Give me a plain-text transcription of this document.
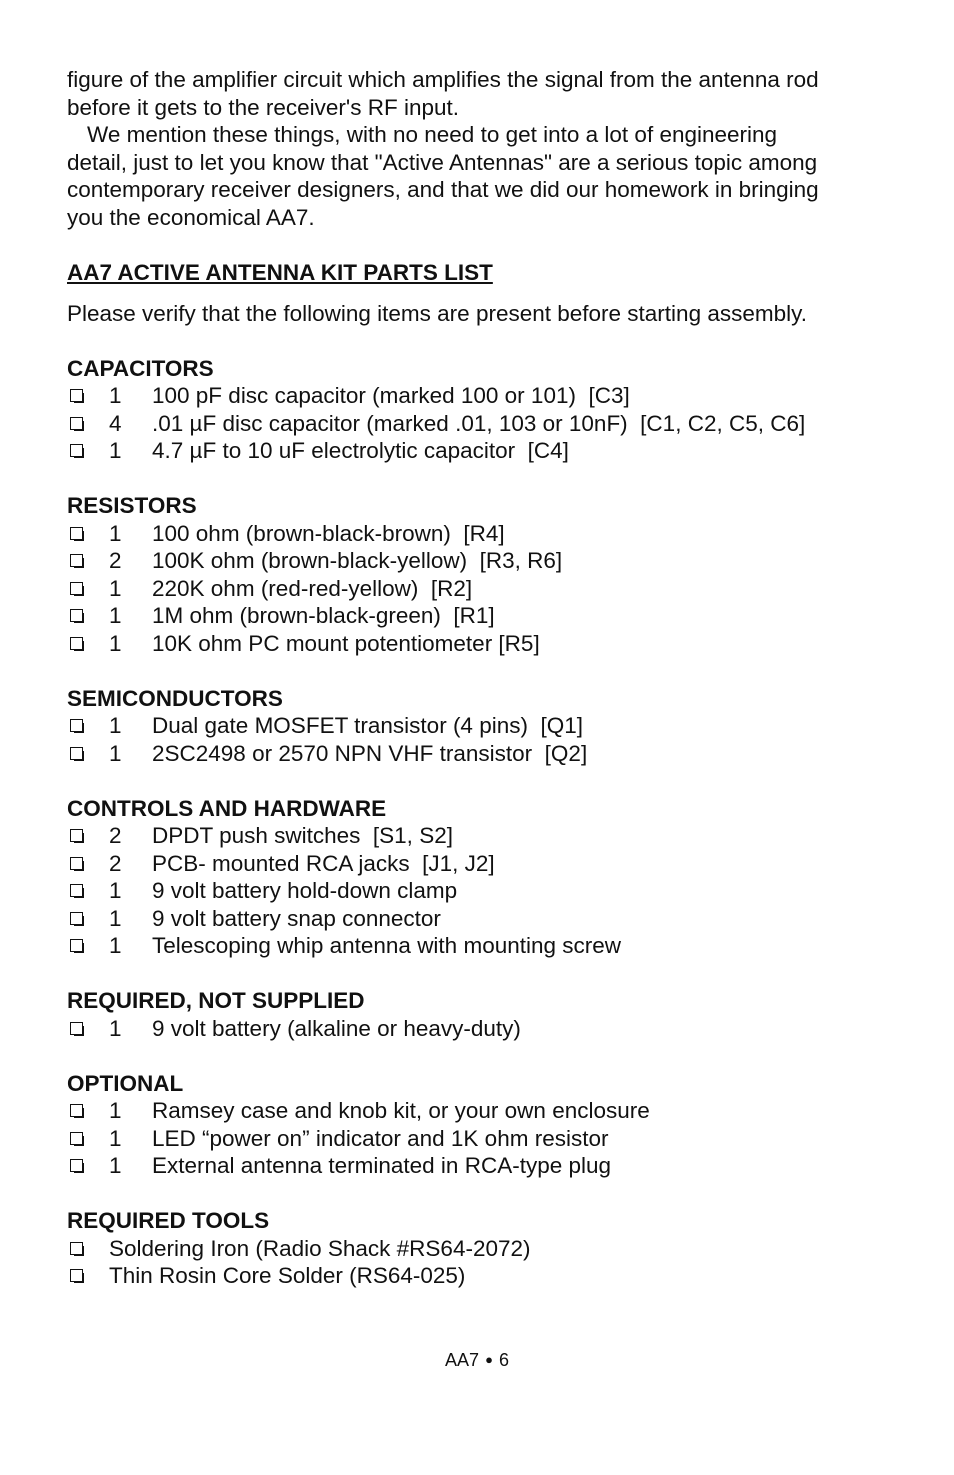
figure of the amplifier circuit which amplifies the signal from the antenna rod
before it gets to the receiver's RF input.

We mention these things, with no need to get into a lot of engineering
detail, just to let you know that "Active Antennas" are a serious topic among
contemporary receiver designers, and that we did our homework in bringing
you the economical AA7.

AA7 ACTIVE ANTENNA KIT PARTS LIST

Please verify that the following items are present before starting assembly.

CAPACITORS
1	100 pF disc capacitor (marked 100 or 101)  [C3]
4	.01 µF disc capacitor (marked .01, 103 or 10nF)  [C1, C2, C5, C6]
1	4.7 µF to 10 uF electrolytic capacitor  [C4]
RESISTORS
1	100 ohm (brown-black-brown)  [R4]
2	100K ohm (brown-black-yellow)  [R3, R6]
1	220K ohm (red-red-yellow)  [R2]
1	1M ohm (brown-black-green)  [R1]
1	10K ohm PC mount potentiometer [R5]
SEMICONDUCTORS
1	Dual gate MOSFET transistor (4 pins)  [Q1]
1	2SC2498 or 2570 NPN VHF transistor  [Q2]
CONTROLS AND HARDWARE
2	DPDT push switches  [S1, S2]
2	PCB- mounted RCA jacks  [J1, J2]
1	9 volt battery hold-down clamp
1	9 volt battery snap connector
1	Telescoping whip antenna with mounting screw
REQUIRED, NOT SUPPLIED
1	9 volt battery (alkaline or heavy-duty)
OPTIONAL
1	Ramsey case and knob kit, or your own enclosure
1	LED “power on” indicator and 1K ohm resistor
1	External antenna terminated in RCA-type plug
REQUIRED TOOLS
Soldering Iron (Radio Shack #RS64-2072)
Thin Rosin Core Solder (RS64-025)
AA7 ● 6
